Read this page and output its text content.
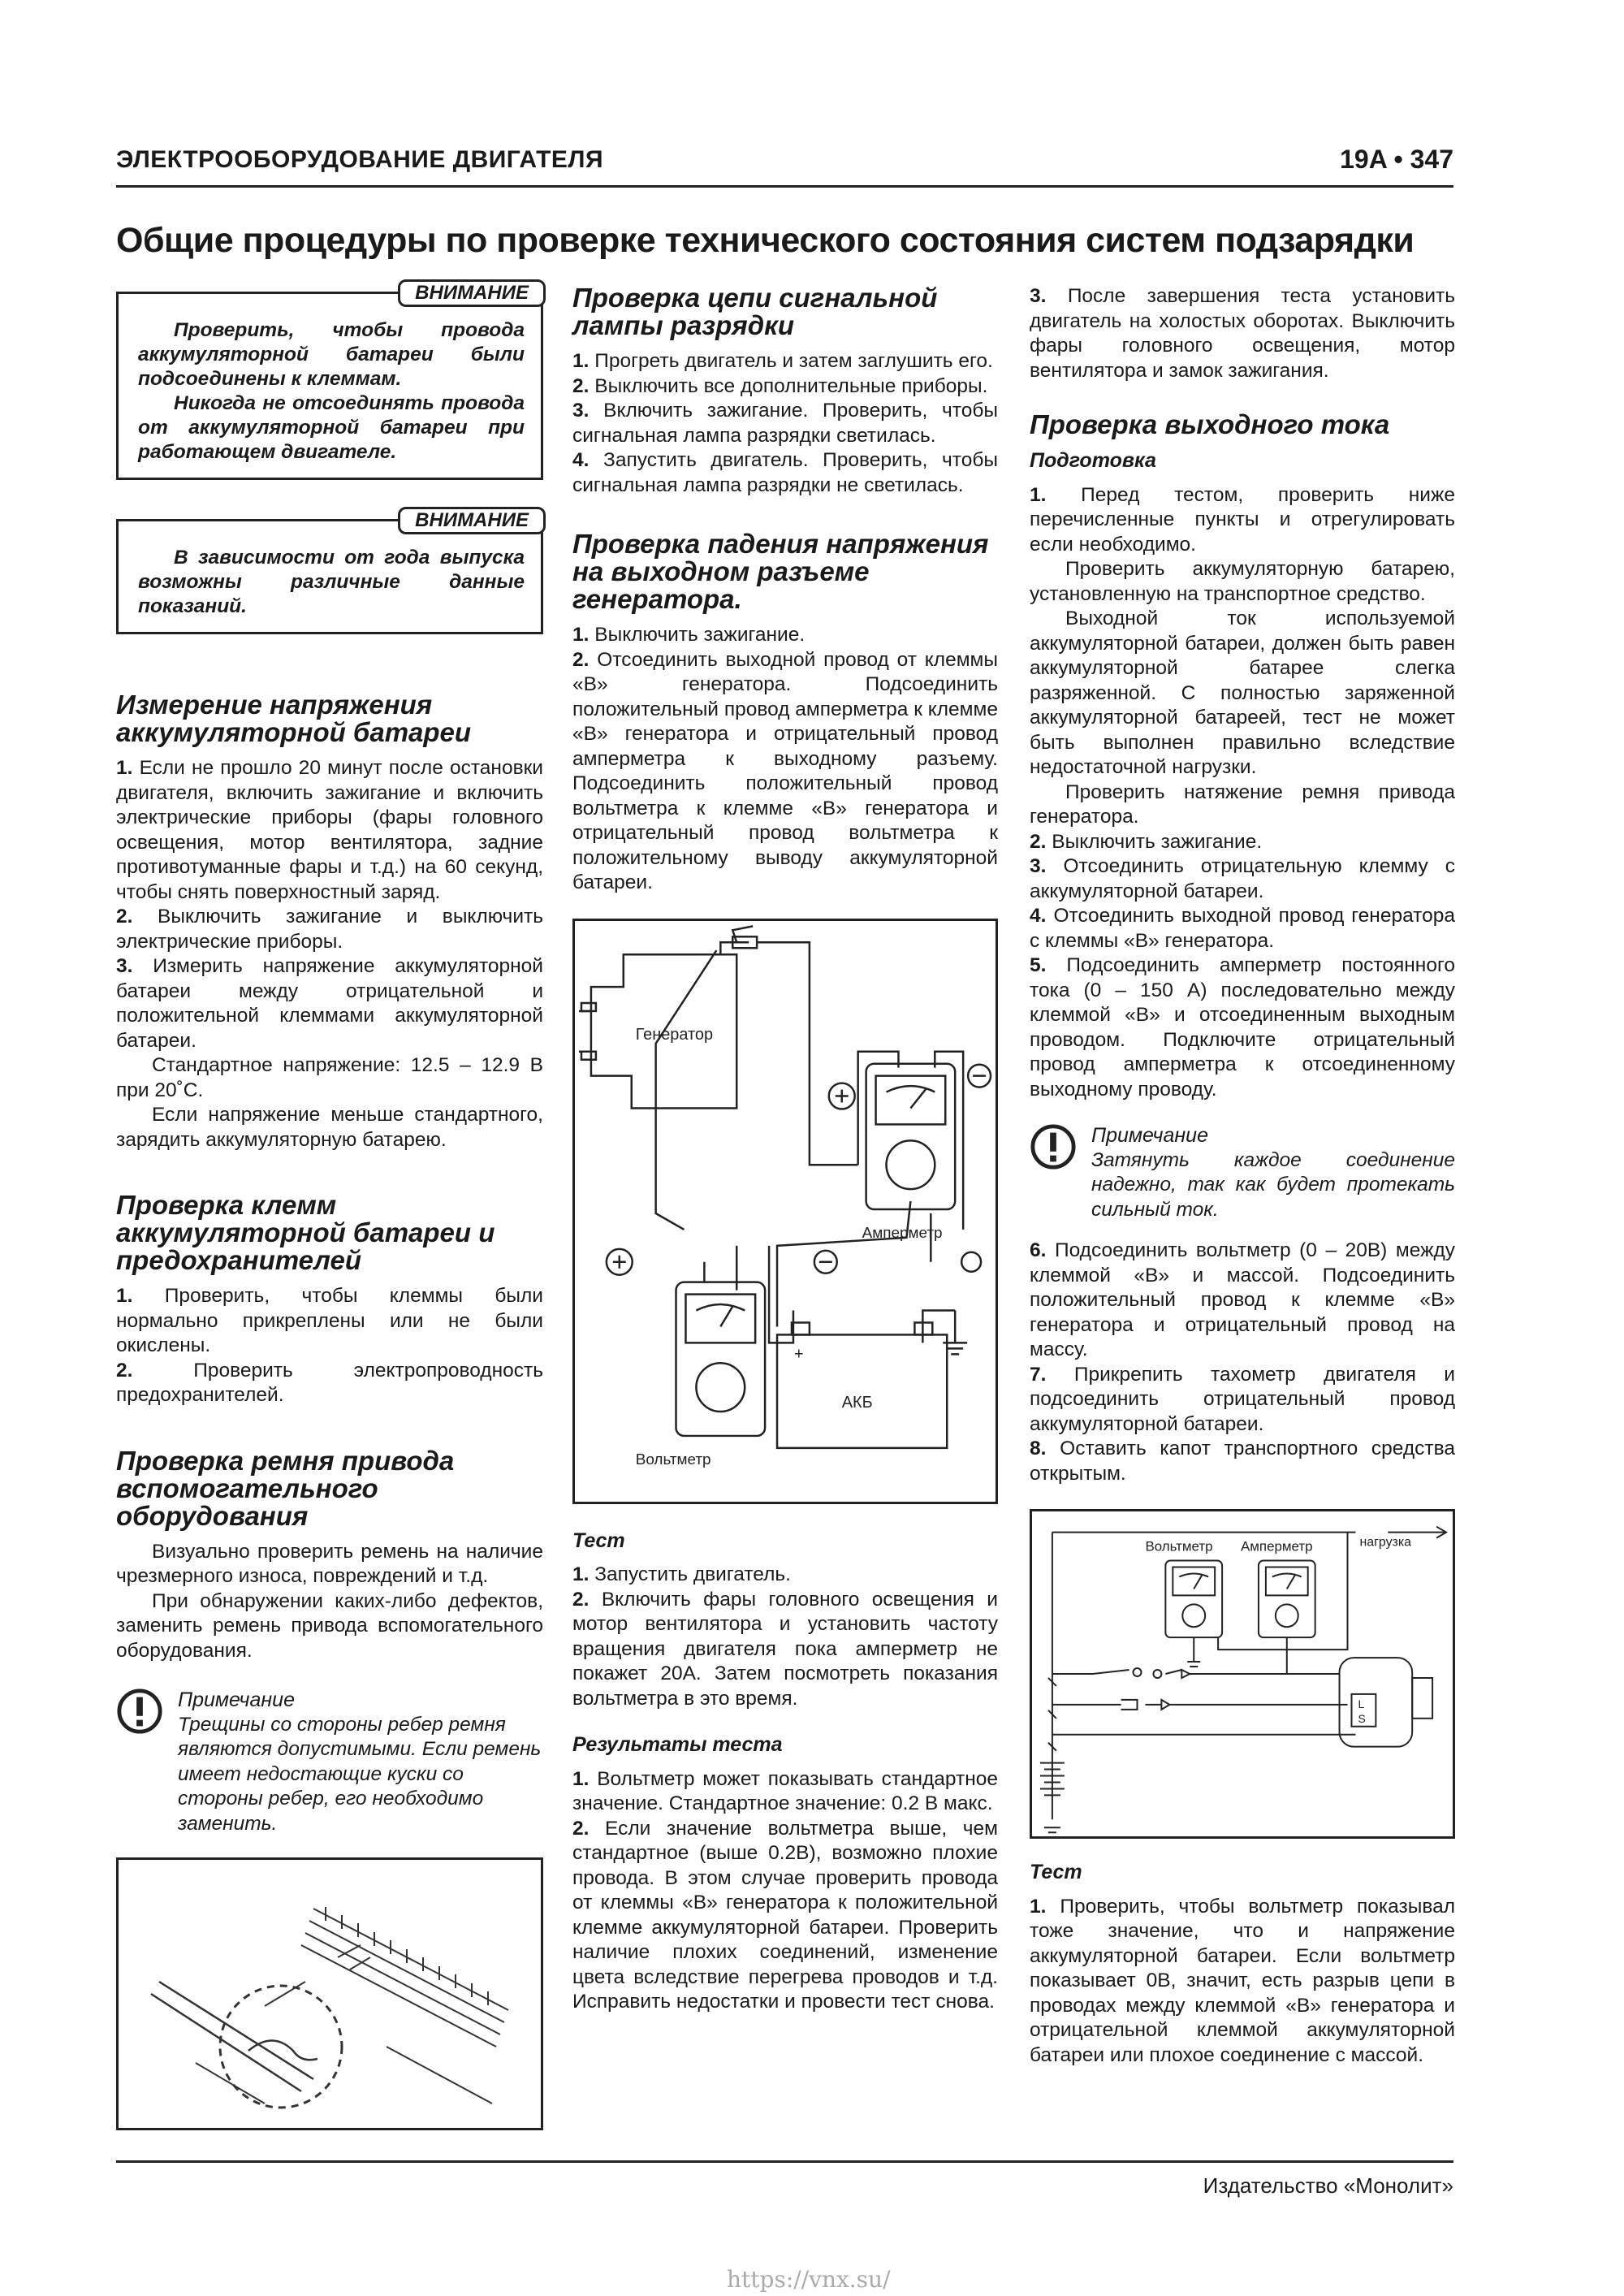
ЭЛЕКТРООБОРУДОВАНИЕ ДВИГАТЕЛЯ	19A • 347
Общие процедуры по проверке технического состояния систем подзарядки
ВНИМАНИЕ

Проверить, чтобы провода аккумуляторной батареи были подсоединены к клеммам.

Никогда не отсоединять провода от аккумуляторной батареи при работающем двигателе.

ВНИМАНИЕ

В зависимости от года выпуска возможны различные данные показаний.

Измерение напряжения аккумуляторной батареи

1. Если не прошло 20 минут после остановки двигателя, включить зажигание и включить электрические приборы (фары головного освещения, мотор вентилятора, задние противотуманные фары и т.д.) на 60 секунд, чтобы снять поверхностный заряд.

2. Выключить зажигание и выключить электрические приборы.

3. Измерить напряжение аккумуляторной батареи между отрицательной и положительной клеммами аккумуляторной батареи.

Стандартное напряжение: 12.5 – 12.9 В при 20˚C.

Если напряжение меньше стандартного, зарядить аккумуляторную батарею.

Проверка клемм аккумуляторной батареи и предохранителей

1. Проверить, чтобы клеммы были нормально прикреплены или не были окислены.

2.	Проверить электропроводность предохранителей.

Проверка ремня привода вспомогательного оборудования

Визуально проверить ремень на наличие чрезмерного износа, повреждений и т.д.

При обнаружении каких-либо дефектов, заменить ремень привода вспомогательного оборудования.

Примечание

Трещины со стороны ребер ремня являются допустимыми. Если ремень имеет недостающие куски со стороны ребер, его необходимо заменить.

Проверка цепи сигнальной лампы разрядки

1. Прогреть двигатель и затем заглушить его.

2. Выключить все дополнительные приборы.

3. Включить зажигание. Проверить, чтобы сигнальная лампа разрядки светилась.

4. Запустить двигатель. Проверить, чтобы сигнальная лампа разрядки не светилась.

Проверка падения напряжения на выходном разъеме генератора.

1. Выключить зажигание.

2. Отсоединить выходной провод от клеммы «B» генератора. Подсоединить положительный провод амперметра к клемме «B» генератора и отрицательный провод амперметра к выходному разъему. Подсоединить положительный провод вольтметра к клемме «B» генератора и отрицательный провод вольтметра к положительному выводу аккумуляторной батареи.

Генератор
Амперметр
Вольтметр
АКБ
+
Тест

1. Запустить двигатель.

2. Включить фары головного освещения и мотор вентилятора и установить частоту вращения двигателя пока амперметр не покажет 20A. Затем посмотреть показания вольтметра в это время.

Результаты теста

1. Вольтметр может показывать стандартное значение. Стандартное значение: 0.2 В макс.

2. Если значение вольтметра выше, чем стандартное (выше 0.2В), возможно плохие провода. В этом случае проверить провода от клеммы «B» генератора к положительной клемме аккумуляторной батареи. Проверить наличие плохих соединений, изменение цвета вследствие перегрева проводов и т.д. Исправить недостатки и провести тест снова.

3. После завершения теста установить двигатель на холостых оборотах. Выключить фары головного освещения, мотор вентилятора и замок зажигания.

Проверка выходного тока
Подготовка

1. Перед тестом, проверить ниже перечисленные пункты и отрегулировать если необходимо.

Проверить аккумуляторную батарею, установленную на транспортное средство.

Выходной ток используемой аккумуляторной батареи, должен быть равен аккумуляторной батарее слегка разряженной. С полностью заряженной аккумуляторной батареей, тест не может быть выполнен правильно вследствие недостаточной нагрузки.

Проверить натяжение ремня привода генератора.

2. Выключить зажигание.

3. Отсоединить отрицательную клемму с аккумуляторной батареи.

4. Отсоединить выходной провод генератора с клеммы «B» генератора.

5. Подсоединить амперметр постоянного тока (0 – 150 A) последовательно между клеммой «B» и отсоединенным выходным проводом. Подключите отрицательный провод амперметра к отсоединенному выходному проводу.

Примечание

Затянуть каждое соединение надежно, так как будет протекать сильный ток.

6. Подсоединить вольтметр (0 – 20В) между клеммой «B» и массой. Подсоединить положительный провод к клемме «B» генератора и отрицательный провод на массу.

7. Прикрепить тахометр двигателя и подсоединить отрицательный провод аккумуляторной батареи.

8. Оставить капот транспортного средства открытым.

Вольтметр Амперметр	нагрузка
L
S
Тест

1. Проверить, чтобы вольтметр показывал тоже значение, что и напряжение аккумуляторной батареи. Если вольтметр показывает 0В, значит, есть разрыв цепи в проводах между клеммой «B» генератора и отрицательной клеммой аккумуляторной батареи или плохое соединение с массой.

Издательство «Монолит»
https://vnx.su/
